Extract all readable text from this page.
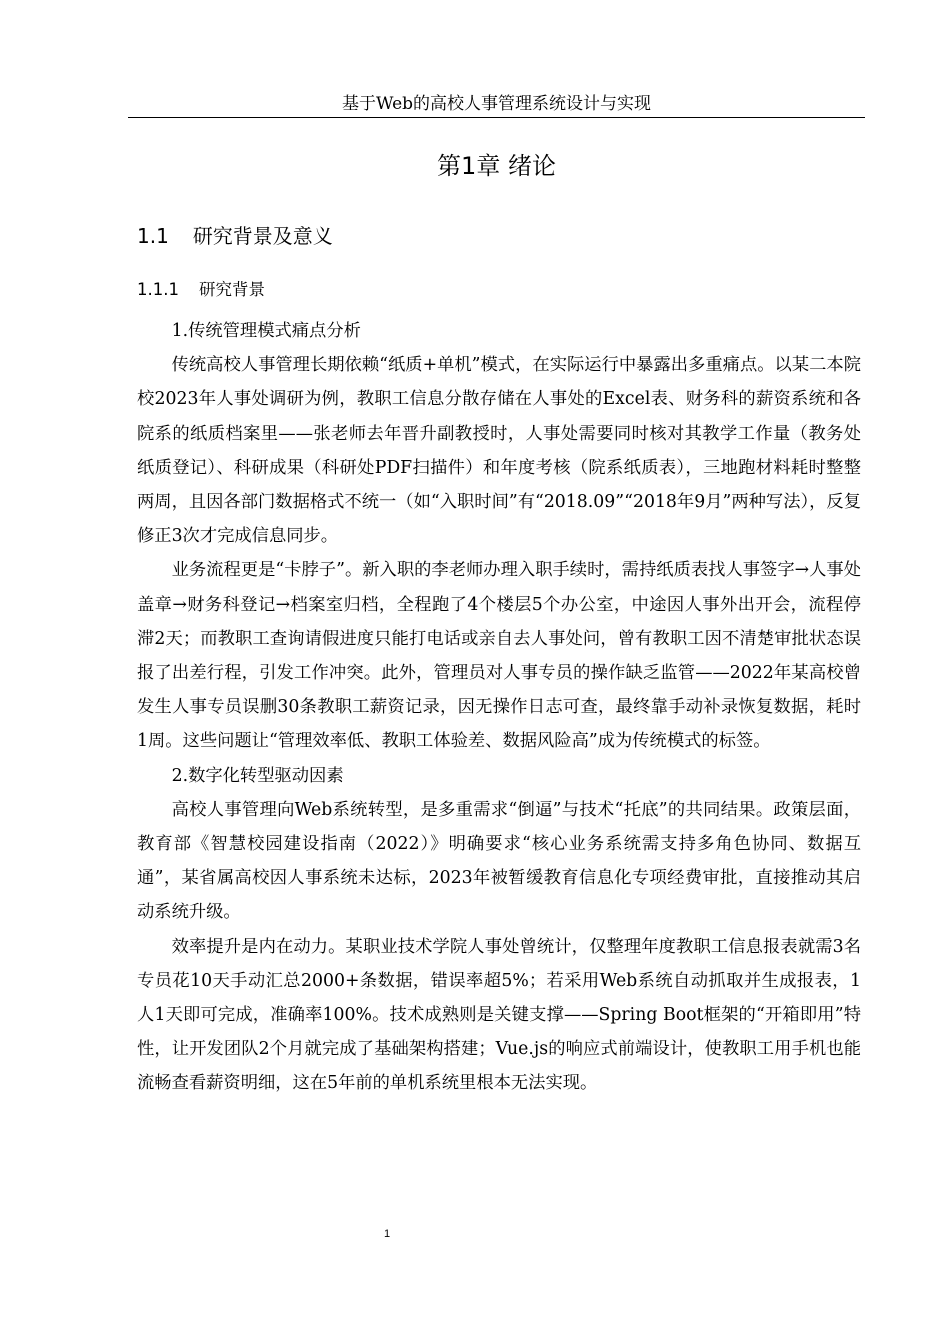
基于Web的高校人事管理系统设计与实现
第1章 绪论
1.1 研究背景及意义
1.1.1 研究背景

1.传统管理模式痛点分析

传统高校人事管理长期依赖“纸质+单机”模式，在实际运行中暴露出多重痛点。以某二本院校2023年人事处调研为例，教职工信息分散存储在人事处的Excel表、财务科的薪资系统和各院系的纸质档案里——张老师去年晋升副教授时，人事处需要同时核对其教学工作量（教务处纸质登记）、科研成果（科研处PDF扫描件）和年度考核（院系纸质表），三地跑材料耗时整整两周，且因各部门数据格式不统一（如“入职时间”有“2018.09”“2018年9月”两种写法），反复修正3次才完成信息同步。

业务流程更是“卡脖子”。新入职的李老师办理入职手续时，需持纸质表找人事签字→人事处盖章→财务科登记→档案室归档，全程跑了4个楼层5个办公室，中途因人事外出开会，流程停滞2天；而教职工查询请假进度只能打电话或亲自去人事处问，曾有教职工因不清楚审批状态误报了出差行程，引发工作冲突。此外，管理员对人事专员的操作缺乏监管——2022年某高校曾发生人事专员误删30条教职工薪资记录，因无操作日志可查，最终靠手动补录恢复数据，耗时1周。这些问题让“管理效率低、教职工体验差、数据风险高”成为传统模式的标签。

2.数字化转型驱动因素

高校人事管理向Web系统转型，是多重需求“倒逼”与技术“托底”的共同结果。政策层面，教育部《智慧校园建设指南（2022）》明确要求“核心业务系统需支持多角色协同、数据互通”，某省属高校因人事系统未达标，2023年被暂缓教育信息化专项经费审批，直接推动其启动系统升级。

效率提升是内在动力。某职业技术学院人事处曾统计，仅整理年度教职工信息报表就需3名专员花10天手动汇总2000+条数据，错误率超5%；若采用Web系统自动抓取并生成报表，1人1天即可完成，准确率100%。技术成熟则是关键支撑——Spring Boot框架的“开箱即用”特性，让开发团队2个月就完成了基础架构搭建；Vue.js的响应式前端设计，使教职工用手机也能流畅查看薪资明细，这在5年前的单机系统里根本无法实现。

1
